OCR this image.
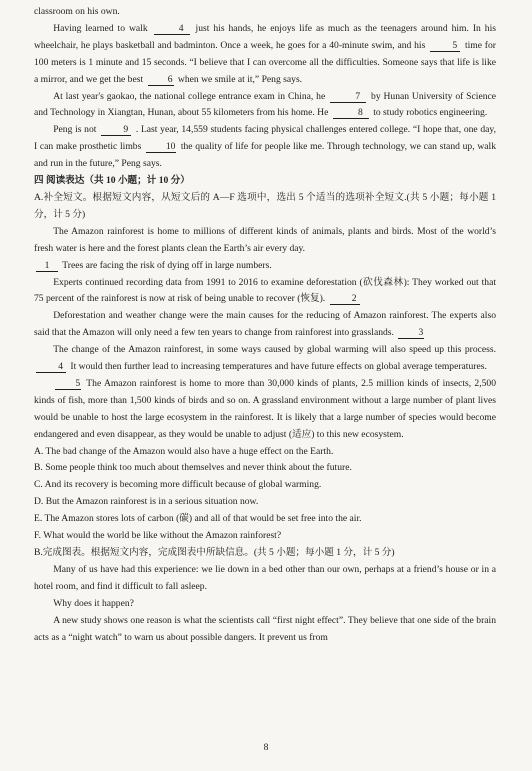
classroom on his own.

Having learned to walk	4 just his hands, he enjoys life as much as the teenagers around him. In his wheelchair, he plays basketball and badminton. Once a week, he goes for a 40-minute swim, and his	5 time for 100 meters is 1 minute and 15 seconds. “I believe that I can overcome all the difficulties. Someone says that life is like a mirror, and we get the best	6 when we smile at it,” Peng says.

At last year's gaokao, the national college entrance exam in China, he	7 by Hunan University of Science and Technology in Xiangtan, Hunan, about 55 kilometers from his home. He	8 to study robotics engineering.

Peng is not	9 . Last year, 14,559 students facing physical challenges entered college. “I hope that, one day, I can make prosthetic limbs	10 the quality of life for people like me. Through technology, we can stand up, walk and run in the future,” Peng says.

四 阅读表达（共 10 小题；计 10 分）

A.补全短文。根据短文内容，从短文后的 A—F 选项中，选出 5 个适当的选项补全短文.(共 5 小题；每小题 1 分，计 5 分)

The Amazon rainforest is home to millions of different kinds of animals, plants and birds. Most of the world’s fresh water is here and the forest plants clean the Earth’s air every day.

1 Trees are facing the risk of dying off in large numbers.

Experts continued recording data from 1991 to 2016 to examine deforestation (砍伐森林): They worked out that 75 percent of the rainforest is now at risk of being unable to recover (恢复).	2

Deforestation and weather change were the main causes for the reducing of Amazon rainforest. The experts also said that the Amazon will only need a few ten years to change from rainforest into grasslands.	3

The change of the Amazon rainforest, in some ways caused by global warming will also speed up this process. 4 It would then further lead to increasing temperatures and have future effects on global average temperatures.

5 The Amazon rainforest is home to more than 30,000 kinds of plants, 2.5 million kinds of insects, 2,500 kinds of fish, more than 1,500 kinds of birds and so on. A grassland environment without a large number of plant lives would be unable to host the large ecosystem in the rainforest. It is likely that a large number of species would become endangered and even disappear, as they would be unable to adjust (适应) to this new ecosystem.

A. The bad change of the Amazon would also have a huge effect on the Earth.

B. Some people think too much about themselves and never think about the future.

C. And its recovery is becoming more difficult because of global warming.

D. But the Amazon rainforest is in a serious situation now.

E. The Amazon stores lots of carbon (碳) and all of that would be set free into the air.

F. What would the world be like without the Amazon rainforest?

B.完成图表。根据短文内容，完成图表中所缺信息。(共 5 小题；每小题 1 分，计 5 分)

Many of us have had this experience: we lie down in a bed other than our own, perhaps at a friend’s house or in a hotel room, and find it difficult to fall asleep.

Why does it happen?

A new study shows one reason is what the scientists call “first night effect”. They believe that one side of the brain acts as a “night watch” to warn us about possible dangers. It prevent us from

8
